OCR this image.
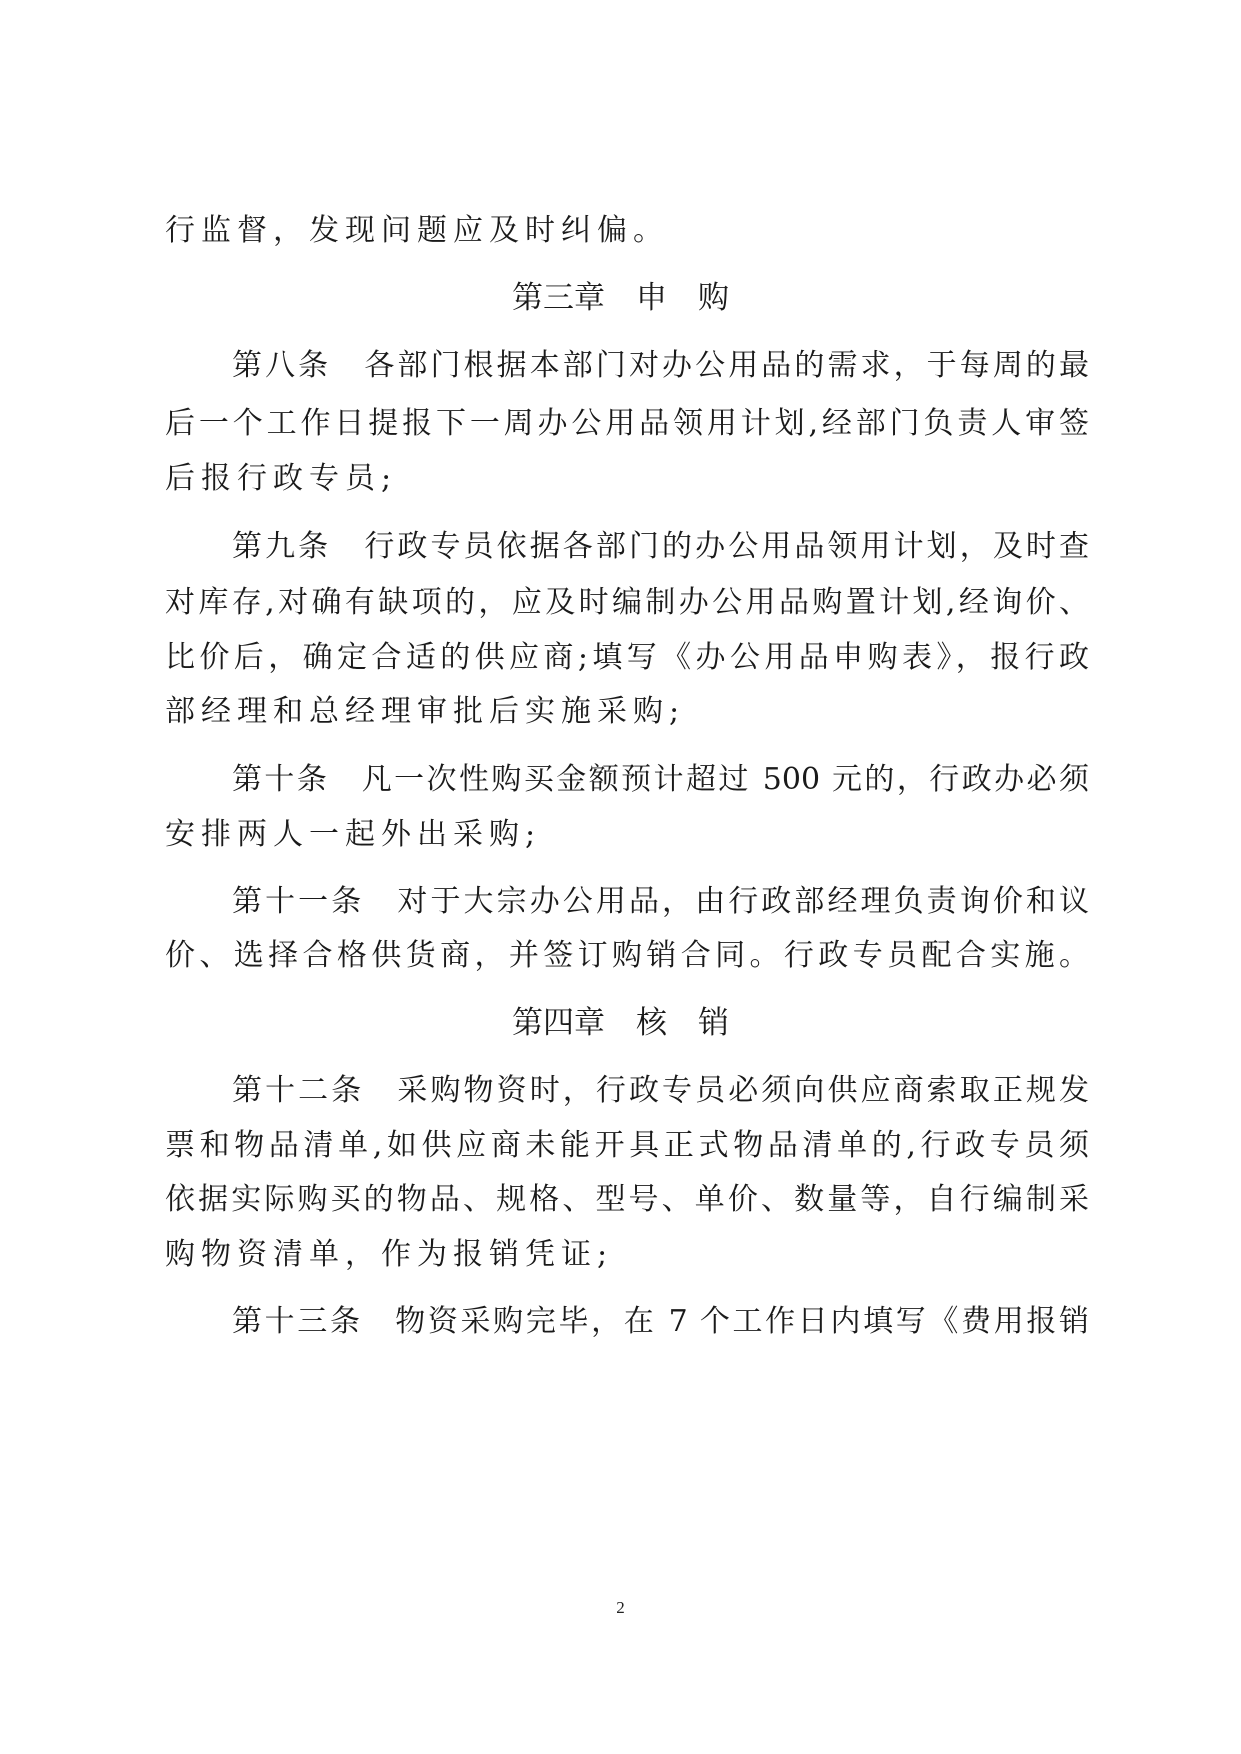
行监督，发现问题应及时纠偏。
第三章　申　购
第八条　各部门根据本部门对办公用品的需求，于每周的最
后一个工作日提报下一周办公用品领用计划,经部门负责人审签
后报行政专员;
第九条　行政专员依据各部门的办公用品领用计划，及时查
对库存,对确有缺项的，应及时编制办公用品购置计划,经询价、
比价后，确定合适的供应商;填写《办公用品申购表》，报行政
部经理和总经理审批后实施采购;
第十条　凡一次性购买金额预计超过 500 元的，行政办必须
安排两人一起外出采购;
第十一条　对于大宗办公用品，由行政部经理负责询价和议
价、选择合格供货商，并签订购销合同。行政专员配合实施。
第四章　核　销
第十二条　采购物资时，行政专员必须向供应商索取正规发
票和物品清单,如供应商未能开具正式物品清单的,行政专员须
依据实际购买的物品、规格、型号、单价、数量等，自行编制采
购物资清单，作为报销凭证;
第十三条　物资采购完毕，在 7 个工作日内填写《费用报销
2
